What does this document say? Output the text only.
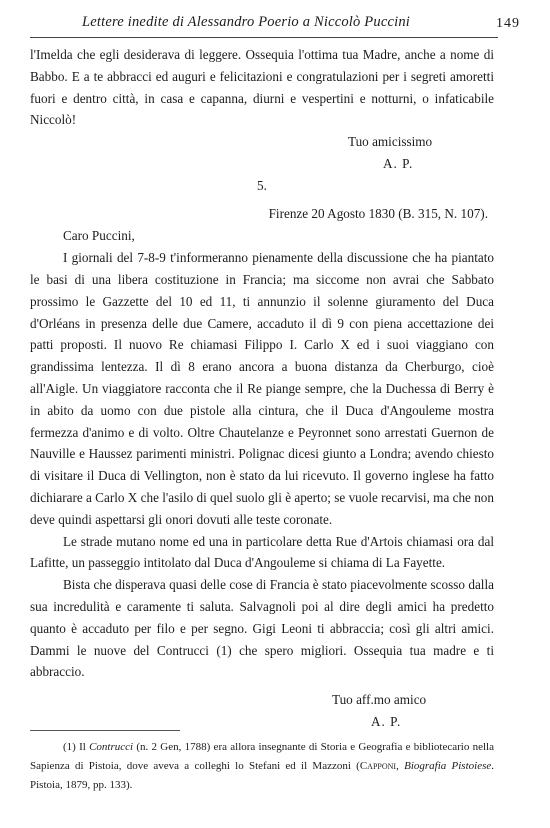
Lettere inedite di Alessandro Poerio a Niccolò Puccini	149

l'Imelda che egli desiderava di leggere. Ossequia l'ottima tua Madre, anche a nome di Babbo. E a te abbracci ed auguri e felicitazioni e congratulazioni per i segreti amoretti fuori e dentro città, in casa e capanna, diurni e vespertini e notturni, o infaticabile Niccolò!

Tuo amicissimo

A. P.

5.

Firenze 20 Agosto 1830 (B. 315, N. 107).

Caro Puccini,

I giornali del 7-8-9 t'informeranno pienamente della discussione che ha piantato le basi di una libera costituzione in Francia; ma siccome non avrai che Sabbato prossimo le Gazzette del 10 ed 11, ti annunzio il solenne giuramento del Duca d'Orléans in presenza delle due Camere, accaduto il dì 9 con piena accettazione dei patti proposti. Il nuovo Re chiamasi Filippo I. Carlo X ed i suoi viaggiano con grandissima lentezza. Il dì 8 erano ancora a buona distanza da Cherburgo, cioè all'Aigle. Un viaggiatore racconta che il Re piange sempre, che la Duchessa di Berry è in abito da uomo con due pistole alla cintura, che il Duca d'Angouleme mostra fermezza d'animo e di volto. Oltre Chautelanze e Peyronnet sono arrestati Guernon de Nauville e Haussez parimenti ministri. Polignac dicesi giunto a Londra; avendo chiesto di visitare il Duca di Vellington, non è stato da lui ricevuto. Il governo inglese ha fatto dichiarare a Carlo X che l'asilo di quel suolo gli è aperto; se vuole recarvisi, ma che non deve quindi aspettarsi gli onori dovuti alle teste coronate.

Le strade mutano nome ed una in particolare detta Rue d'Artois chiamasi ora dal Lafitte, un passeggio intitolato dal Duca d'Angouleme si chiama di La Fayette.

Bista che disperava quasi delle cose di Francia è stato piacevolmente scosso dalla sua incredulità e caramente ti saluta. Salvagnoli poi al dire degli amici ha predetto quanto è accaduto per filo e per segno. Gigi Leoni ti abbraccia; così gli altri amici. Dammi le nuove del Contrucci (1) che spero migliori. Ossequia tua madre e ti abbraccio.

Tuo aff.mo amico

A. P.

(1) Il Contrucci (n. 2 Gen, 1788) era allora insegnante di Storia e Geografia e bibliotecario nella Sapienza di Pistoia, dove aveva a colleghi lo Stefani ed il Mazzoni (Capponi, Biografia Pistoiese. Pistoia, 1879, pp. 133).
